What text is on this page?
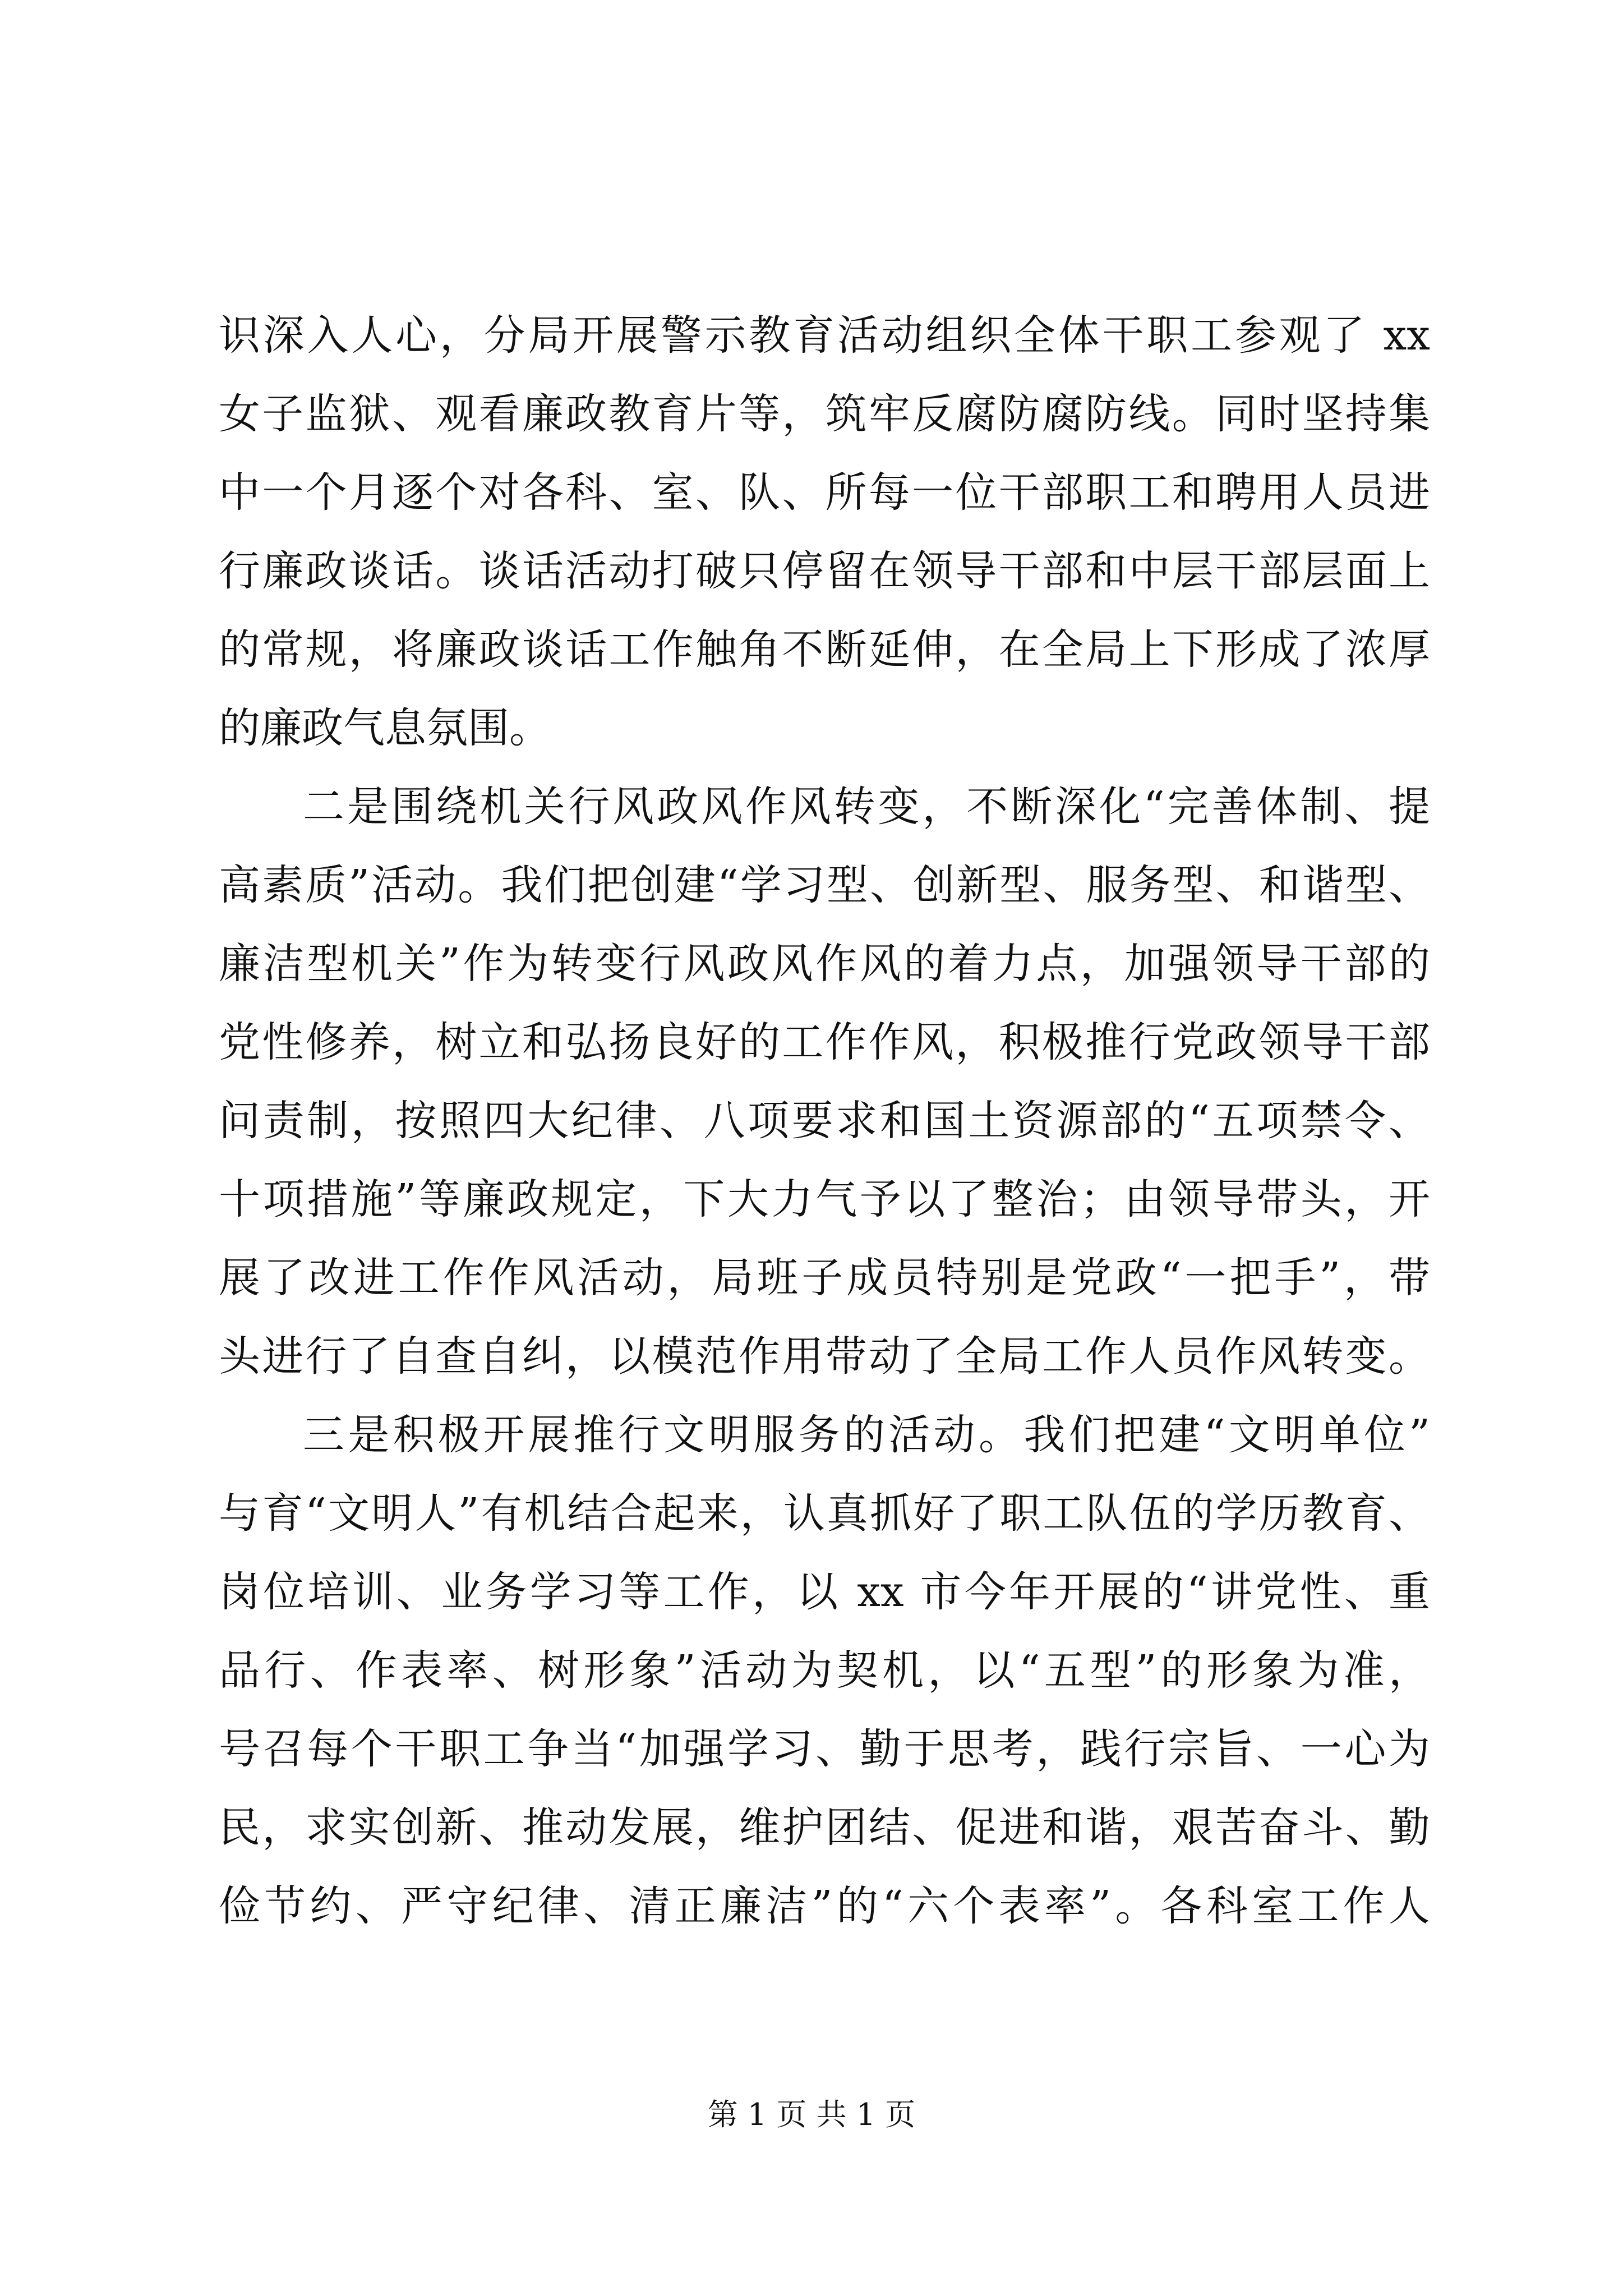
识深入人心，分局开展警示教育活动组织全体干职工参观了 xx
女子监狱、观看廉政教育片等，筑牢反腐防腐防线。同时坚持集
中一个月逐个对各科、室、队、所每一位干部职工和聘用人员进
行廉政谈话。谈话活动打破只停留在领导干部和中层干部层面上
的常规，将廉政谈话工作触角不断延伸，在全局上下形成了浓厚
的廉政气息氛围。
二是围绕机关行风政风作风转变，不断深化“完善体制、提
高素质”活动。我们把创建“学习型、创新型、服务型、和谐型、
廉洁型机关”作为转变行风政风作风的着力点，加强领导干部的
党性修养，树立和弘扬良好的工作作风，积极推行党政领导干部
问责制，按照四大纪律、八项要求和国土资源部的“五项禁令、
十项措施”等廉政规定，下大力气予以了整治；由领导带头，开
展了改进工作作风活动，局班子成员特别是党政“一把手”，带
头进行了自查自纠，以模范作用带动了全局工作人员作风转变。
三是积极开展推行文明服务的活动。我们把建“文明单位”
与育“文明人”有机结合起来，认真抓好了职工队伍的学历教育、
岗位培训、业务学习等工作，以 xx 市今年开展的“讲党性、重
品行、作表率、树形象”活动为契机，以“五型”的形象为准，
号召每个干职工争当“加强学习、勤于思考，践行宗旨、一心为
民，求实创新、推动发展，维护团结、促进和谐，艰苦奋斗、勤
俭节约、严守纪律、清正廉洁”的“六个表率”。各科室工作人
第 1 页 共 1 页
